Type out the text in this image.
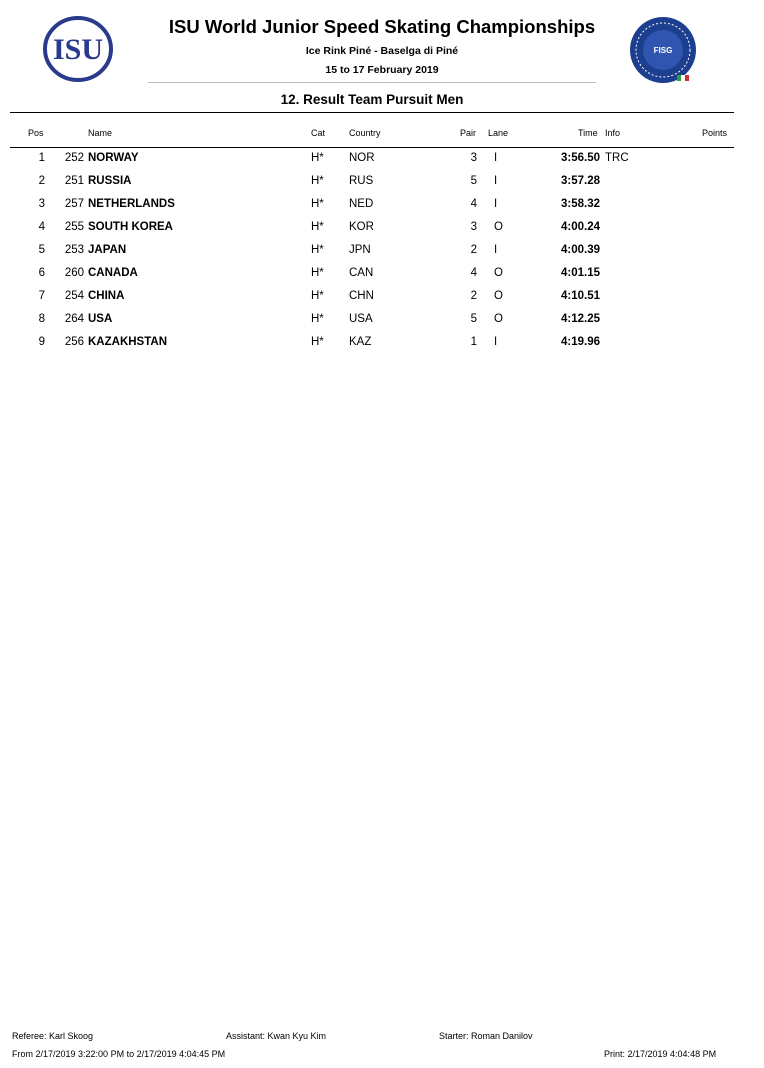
ISU	FISG
ISU World Junior Speed Skating Championships
Ice Rink Piné - Baselga di Piné
15 to 17 February 2019
12. Result Team Pursuit Men
Pos	Name	Cat	Country	Pair Lane	Time Info	Points
1	252 NORWAY	H* NOR	3 I	3:56.50 TRC
2	251 RUSSIA	H* RUS	5 I	3:57.28
3	257 NETHERLANDS	H* NED	4 I	3:58.32
4	255 SOUTH KOREA	H* KOR	3 O	4:00.24
5	253 JAPAN	H* JPN	2 I	4:00.39
6	260 CANADA	H* CAN	4 O	4:01.15
7	254 CHINA	H* CHN	2 O	4:10.51
8	264 USA	H* USA	5 O	4:12.25
9	256 KAZAKHSTAN	H* KAZ	1 I	4:19.96
Referee: Karl Skoog	Assistant: Kwan Kyu Kim	Starter: Roman Danilov
From 2/17/2019 3:22:00 PM to 2/17/2019 4:04:45 PM	Print: 2/17/2019 4:04:48 PM
